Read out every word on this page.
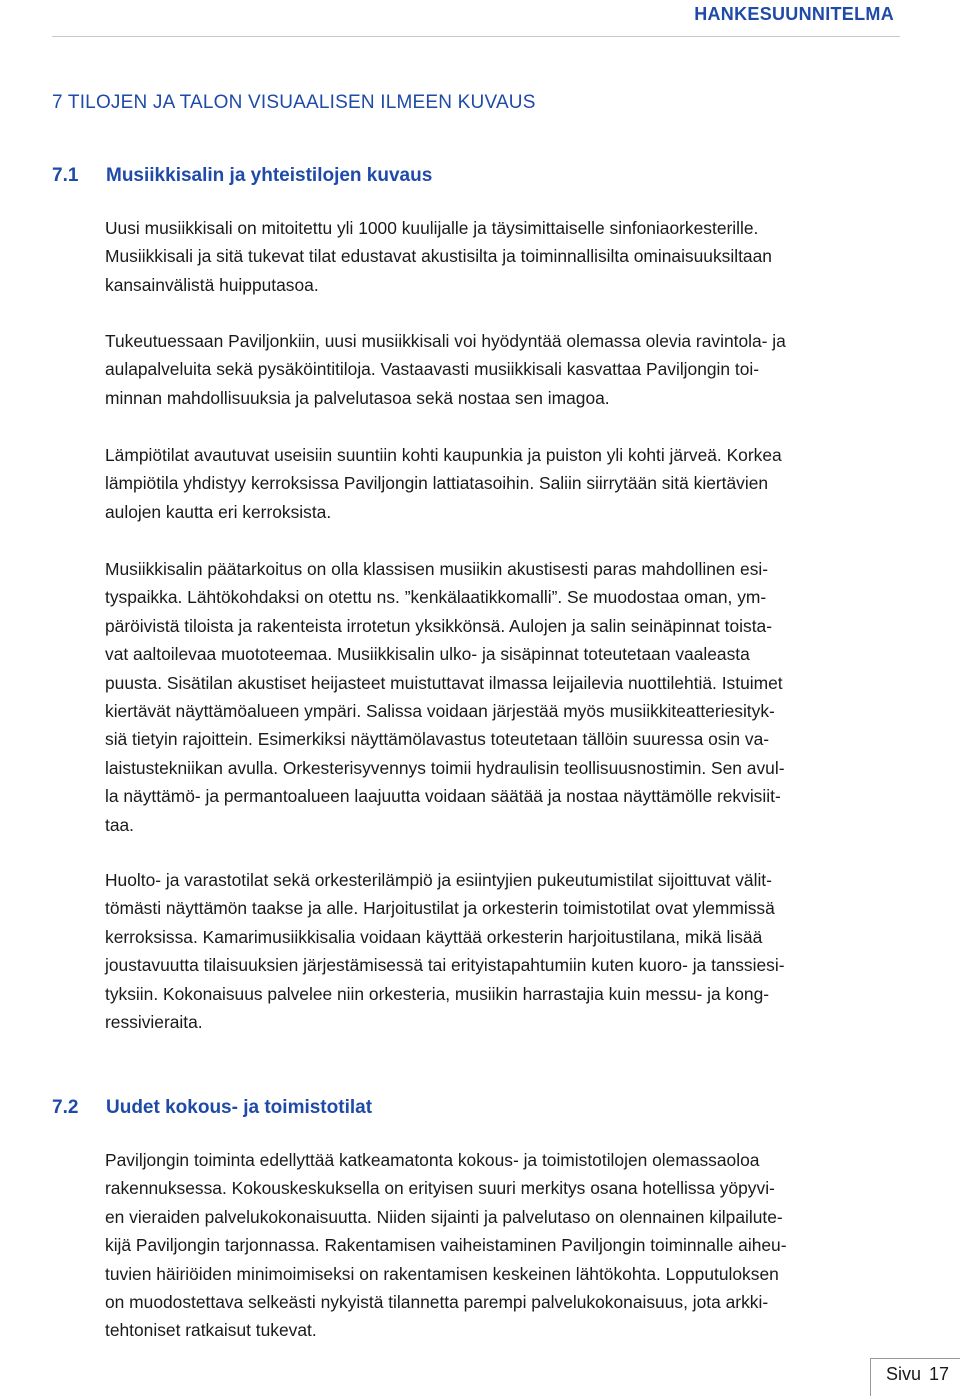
HANKESUUNNITELMA
7 TILOJEN JA TALON VISUAALISEN ILMEEN KUVAUS
7.1 Musiikkisalin ja yhteistilojen kuvaus
Uusi musiikkisali on mitoitettu yli 1000 kuulijalle ja täysimittaiselle sinfoniaorkesterille.
Musiikkisali ja sitä tukevat tilat edustavat akustisilta ja toiminnallisilta ominaisuuksiltaan
kansainvälistä huipputasoa.
Tukeutuessaan Paviljonkiin, uusi musiikkisali voi hyödyntää olemassa olevia ravintola- ja
aulapalveluita sekä pysäköintitiloja. Vastaavasti musiikkisali kasvattaa Paviljongin toi-
minnan mahdollisuuksia ja palvelutasoa sekä nostaa sen imagoa.
Lämpiötilat avautuvat useisiin suuntiin kohti kaupunkia ja puiston yli kohti järveä. Korkea
lämpiötila yhdistyy kerroksissa Paviljongin lattiatasoihin. Saliin siirrytään sitä kiertävien
aulojen kautta eri kerroksista.
Musiikkisalin päätarkoitus on olla klassisen musiikin akustisesti paras mahdollinen esi-
tyspaikka. Lähtökohdaksi on otettu ns. ”kenkälaatikkomalli”. Se muodostaa oman, ym-
päröivistä tiloista ja rakenteista irrotetun yksikkönsä. Aulojen ja salin seinäpinnat toista-
vat aaltoilevaa muototeemaa. Musiikkisalin ulko- ja sisäpinnat toteutetaan vaaleasta
puusta. Sisätilan akustiset heijasteet muistuttavat ilmassa leijailevia nuottilehtiä. Istuimet
kiertävät näyttämöalueen ympäri. Salissa voidaan järjestää myös musiikkiteatteriesityk-
siä tietyin rajoittein. Esimerkiksi näyttämölavastus toteutetaan tällöin suuressa osin va-
laistustekniikan avulla. Orkesterisyvennys toimii hydraulisin teollisuusnostimin. Sen avul-
la näyttämö- ja permantoalueen laajuutta voidaan säätää ja nostaa näyttämölle rekvisiit-
taa.
Huolto- ja varastotilat sekä orkesterilämpiö ja esiintyjien pukeutumistilat sijoittuvat välit-
tömästi näyttämön taakse ja alle. Harjoitustilat ja orkesterin toimistotilat ovat ylemmissä
kerroksissa. Kamarimusiikkisalia voidaan käyttää orkesterin harjoitustilana, mikä lisää
joustavuutta tilaisuuksien järjestämisessä tai erityistapahtumiin kuten kuoro- ja tanssiesi-
tyksiin. Kokonaisuus palvelee niin orkesteria, musiikin harrastajia kuin messu- ja kong-
ressivieraita.
7.2 Uudet kokous- ja toimistotilat
Paviljongin toiminta edellyttää katkeamatonta kokous- ja toimistotilojen olemassaoloa
rakennuksessa. Kokouskeskuksella on erityisen suuri merkitys osana hotellissa yöpyvi-
en vieraiden palvelukokonaisuutta. Niiden sijainti ja palvelutaso on olennainen kilpailute-
kijä Paviljongin tarjonnassa. Rakentamisen vaiheistaminen Paviljongin toiminnalle aiheu-
tuvien häiriöiden minimoimiseksi on rakentamisen keskeinen lähtökohta. Lopputuloksen
on muodostettava selkeästi nykyistä tilannetta parempi palvelukokonaisuus, jota arkki-
tehtoniset ratkaisut tukevat.
Sivu 17
